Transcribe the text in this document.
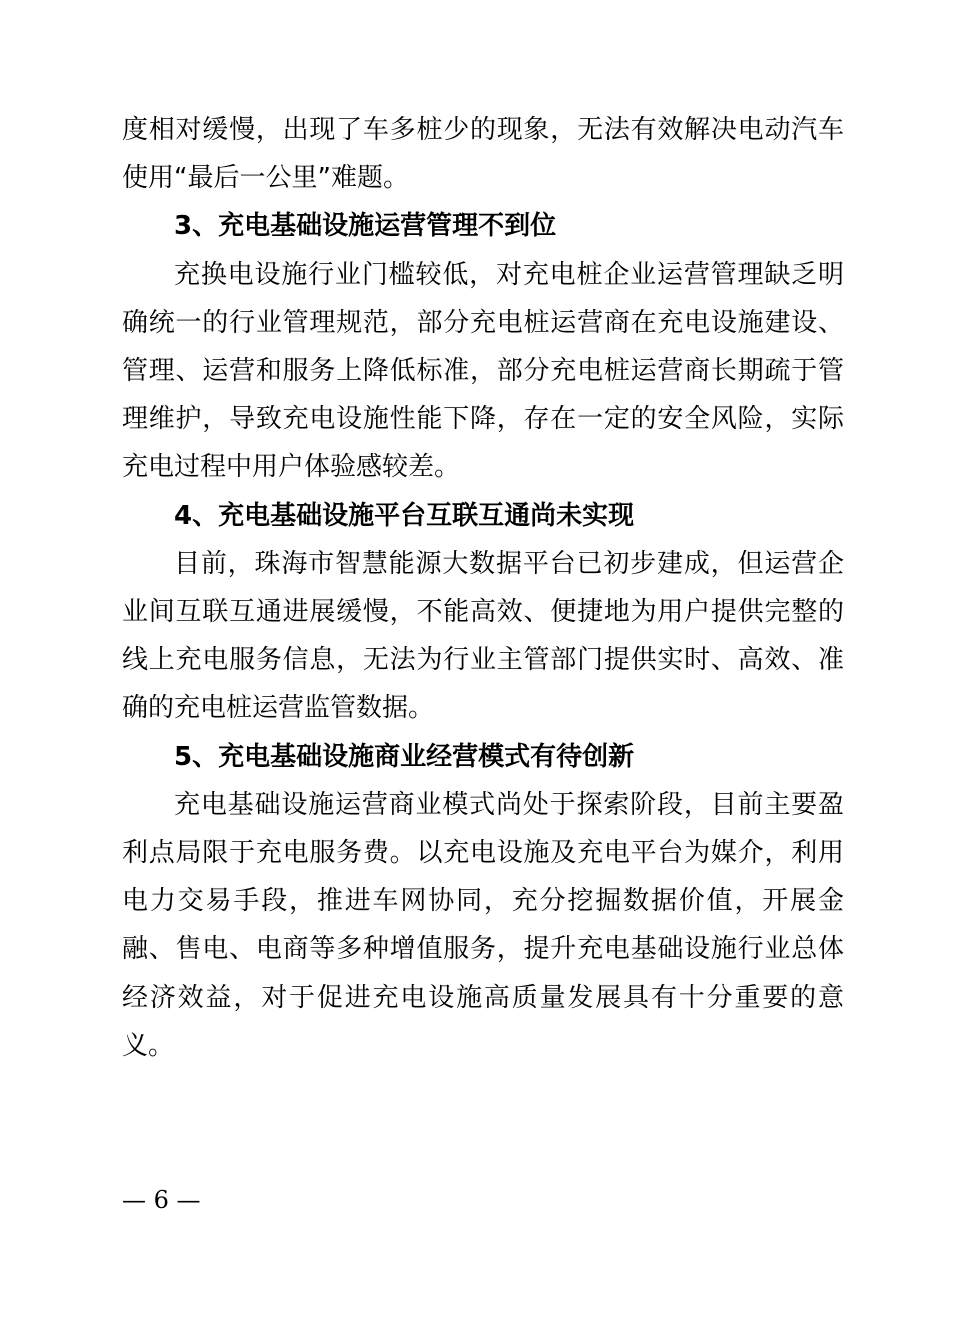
度相对缓慢，出现了车多桩少的现象，无法有效解决电动汽车使用“最后一公里”难题。

3、充电基础设施运营管理不到位

充换电设施行业门槛较低，对充电桩企业运营管理缺乏明确统一的行业管理规范，部分充电桩运营商在充电设施建设、管理、运营和服务上降低标准，部分充电桩运营商长期疏于管理维护，导致充电设施性能下降，存在一定的安全风险，实际充电过程中用户体验感较差。

4、充电基础设施平台互联互通尚未实现

目前，珠海市智慧能源大数据平台已初步建成，但运营企业间互联互通进展缓慢，不能高效、便捷地为用户提供完整的线上充电服务信息，无法为行业主管部门提供实时、高效、准确的充电桩运营监管数据。

5、充电基础设施商业经营模式有待创新

充电基础设施运营商业模式尚处于探索阶段，目前主要盈利点局限于充电服务费。以充电设施及充电平台为媒介，利用电力交易手段，推进车网协同，充分挖掘数据价值，开展金融、售电、电商等多种增值服务，提升充电基础设施行业总体经济效益，对于促进充电设施高质量发展具有十分重要的意义。

— 6 —
